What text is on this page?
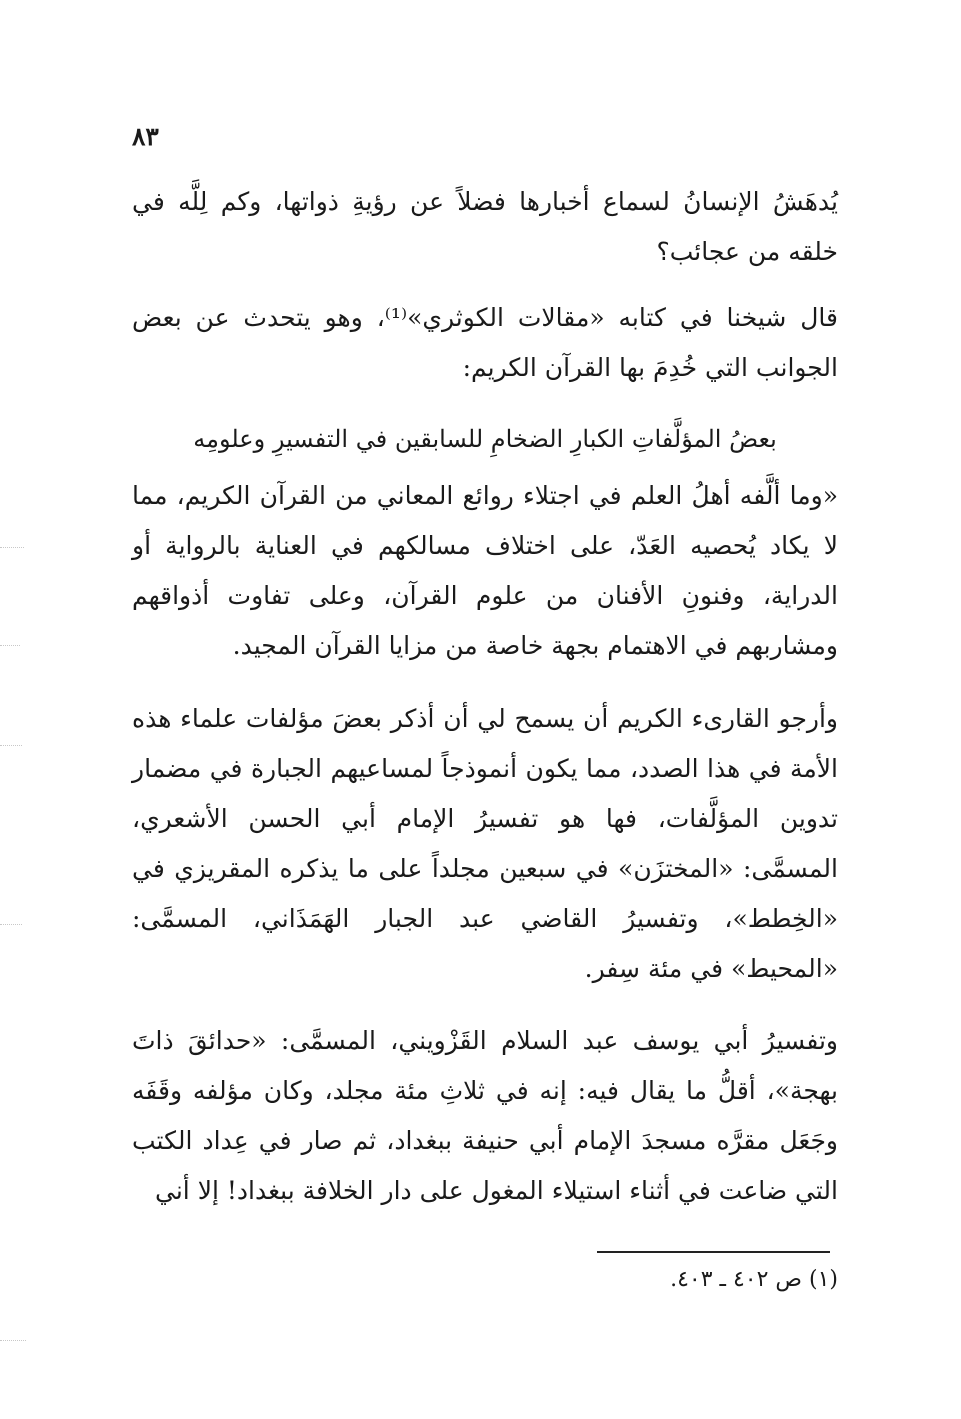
٨٣

يُدهَشُ الإنسانُ لسماع أخبارها فضلاً عن رؤيةِ ذواتها، وكم لِلَّه في خلقه من عجائب؟

قال شيخنا في كتابه «مقالات الكوثري»⁽¹⁾، وهو يتحدث عن بعض الجوانب التي خُدِمَ بها القرآن الكريم:

بعضُ المؤلَّفاتِ الكبارِ الضخامِ للسابقين في التفسيرِ وعلومِه

«وما ألَّفه أهلُ العلم في اجتلاء روائع المعاني من القرآن الكريم، مما لا يكاد يُحصيه العَدّ، على اختلاف مسالكهم في العناية بالرواية أو الدراية، وفنونِ الأفنان من علوم القرآن، وعلى تفاوت أذواقهم ومشاربهم في الاهتمام بجهة خاصة من مزايا القرآن المجيد.

وأرجو القارىء الكريم أن يسمح لي أن أذكر بعضَ مؤلفات علماء هذه الأمة في هذا الصدد، مما يكون أنموذجاً لمساعيهم الجبارة في مضمار تدوين المؤلَّفات، فها هو تفسيرُ الإمام أبي الحسن الأشعري، المسمَّى: «المختزَن» في سبعين مجلداً على ما يذكره المقريزي في «الخِطط»، وتفسيرُ القاضي عبد الجبار الهَمَذَاني، المسمَّى: «المحيط» في مئة سِفر.

وتفسيرُ أبي يوسف عبد السلام القَزْويني، المسمَّى: «حدائقَ ذاتَ بهجة»، أقلُّ ما يقال فيه: إنه في ثلاثِ مئة مجلد، وكان مؤلفه وقَفَه وجَعَل مقرَّه مسجدَ الإمام أبي حنيفة ببغداد، ثم صار في عِداد الكتب التي ضاعت في أثناء استيلاء المغول على دار الخلافة ببغداد! إلا أني

(١) ص ٤٠٢ ـ ٤٠٣.
